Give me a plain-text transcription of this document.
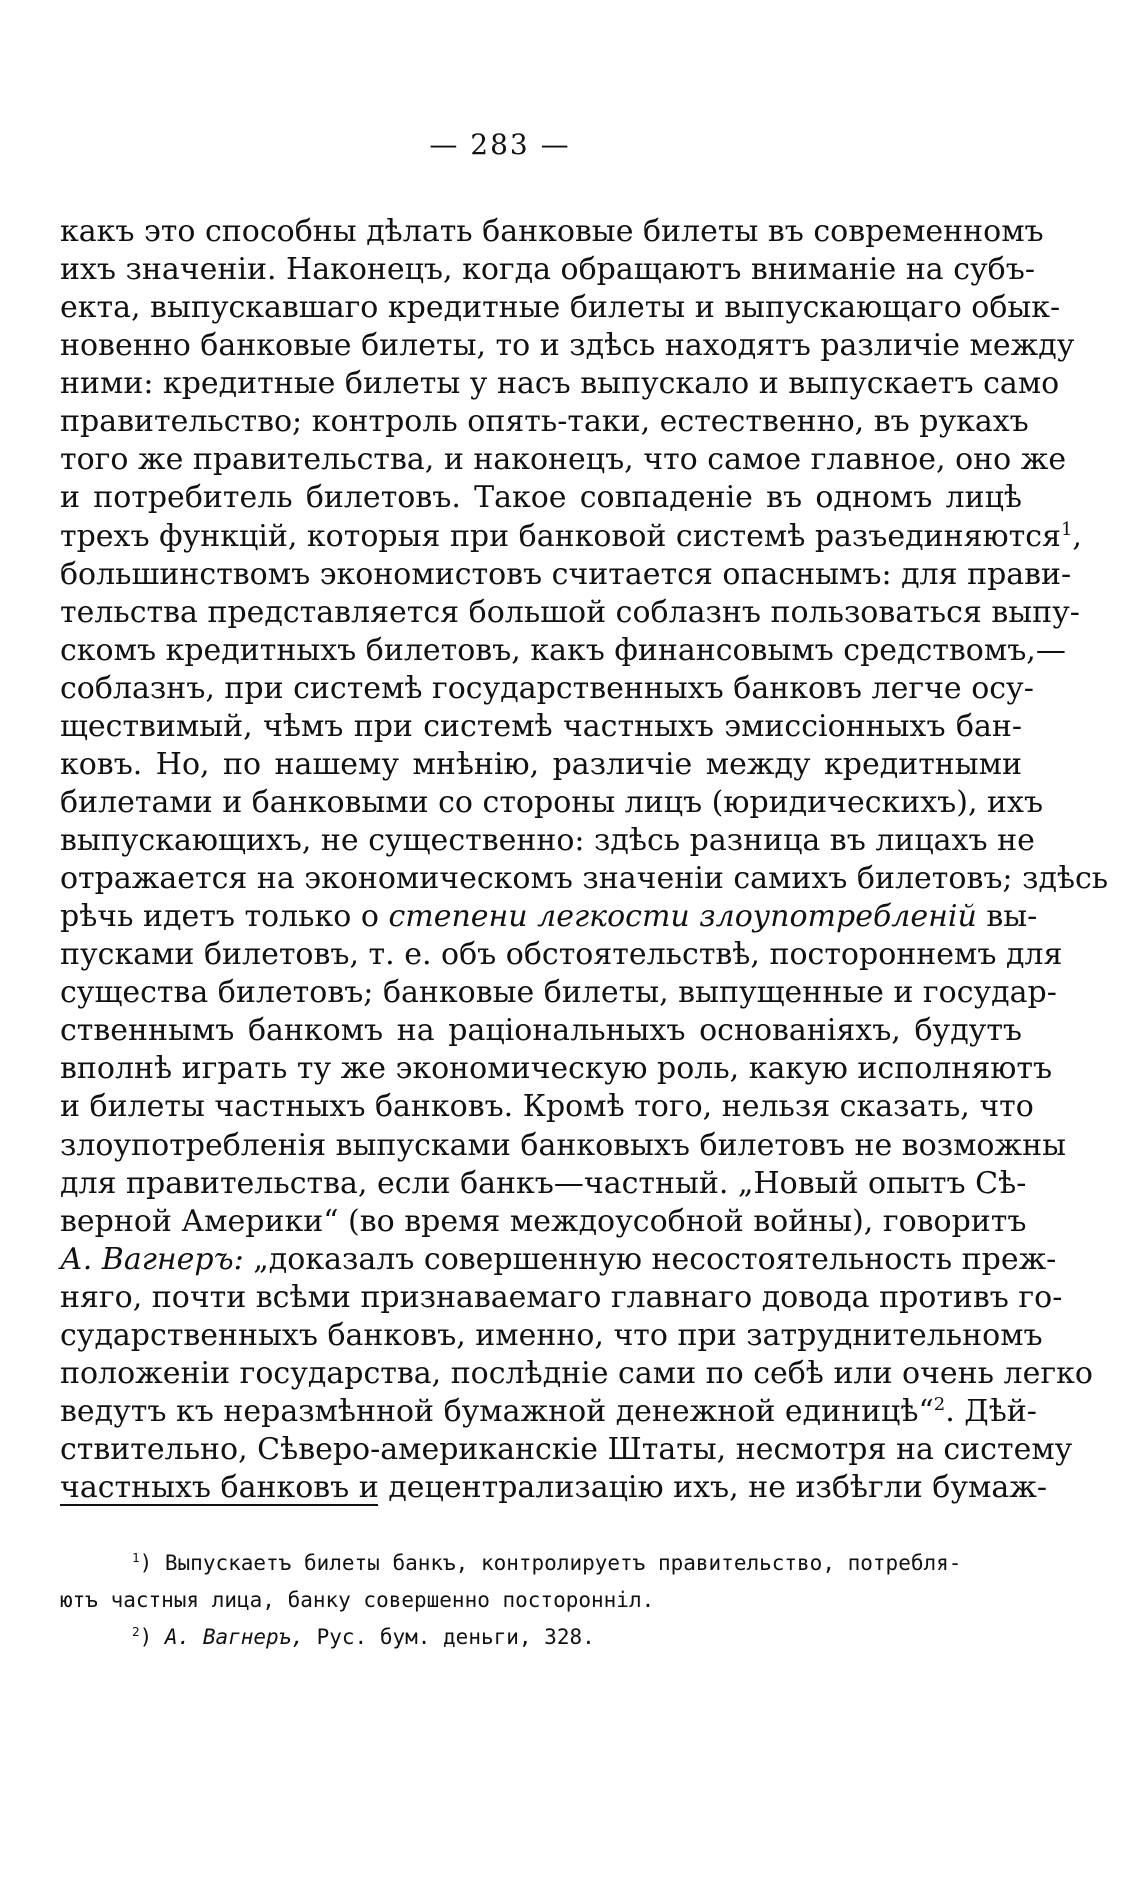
— 283 —
какъ это способны дѣлать банковые билеты въ современномъ
ихъ значеніи. Наконецъ, когда обращаютъ вниманіе на субъ-
екта, выпускавшаго кредитные билеты и выпускающаго обык-
новенно банковые билеты, то и здѣсь находятъ различіе между
ними: кредитные билеты у насъ выпускало и выпускаетъ само
правительство; контроль опять-таки, естественно, въ рукахъ
того же правительства, и наконецъ, что самое главное, оно же
и потребитель билетовъ. Такое совпаденіе въ одномъ лицѣ
трехъ функцій, которыя при банковой системѣ разъединяются$^1$,
большинствомъ экономистовъ считается опаснымъ: для прави-
тельства представляется большой соблазнъ пользоваться выпу-
скомъ кредитныхъ билетовъ, какъ финансовымъ средствомъ,—
соблазнъ, при системѣ государственныхъ банковъ легче осу-
ществимый, чѣмъ при системѣ частныхъ эмиссіонныхъ бан-
ковъ. Но, по нашему мнѣнію, различіе между кредитными
билетами и банковыми со стороны лицъ (юридическихъ), ихъ
выпускающихъ, не существенно: здѣсь разница въ лицахъ не
отражается на экономическомъ значеніи самихъ билетовъ; здѣсь
рѣчь идетъ только о степени легкости злоупотребленій вы-
пусками билетовъ, т. е. объ обстоятельствѣ, постороннемъ для
существа билетовъ; банковые билеты, выпущенные и государ-
ственнымъ банкомъ на раціональныхъ основаніяхъ, будутъ
вполнѣ играть ту же экономическую роль, какую исполняютъ
и билеты частныхъ банковъ. Кромѣ того, нельзя сказать, что
злоупотребленія выпусками банковыхъ билетовъ не возможны
для правительства, если банкъ—частный. „Новый опытъ Сѣ-
верной Америки“ (во время междоусобной войны), говоритъ
А. Вагнеръ: „доказалъ совершенную несостоятельность преж-
няго, почти всѣми признаваемаго главнаго довода противъ го-
сударственныхъ банковъ, именно, что при затруднительномъ
положеніи государства, послѣдніе сами по себѣ или очень легко
ведутъ къ неразмѣнной бумажной денежной единицѣ“$^2$. Дѣй-
ствительно, Сѣверо-американскіе Штаты, несмотря на систему
частныхъ банковъ и децентрализацію ихъ, не избѣгли бумаж-
$^1$) Выпускаетъ билеты банкъ, контролируетъ правительство, потребля-
ютъ частныя лица, банку совершенно посторонніл.
$^2$) А. Вагнеръ, Рус. бум. деньги, 328.
